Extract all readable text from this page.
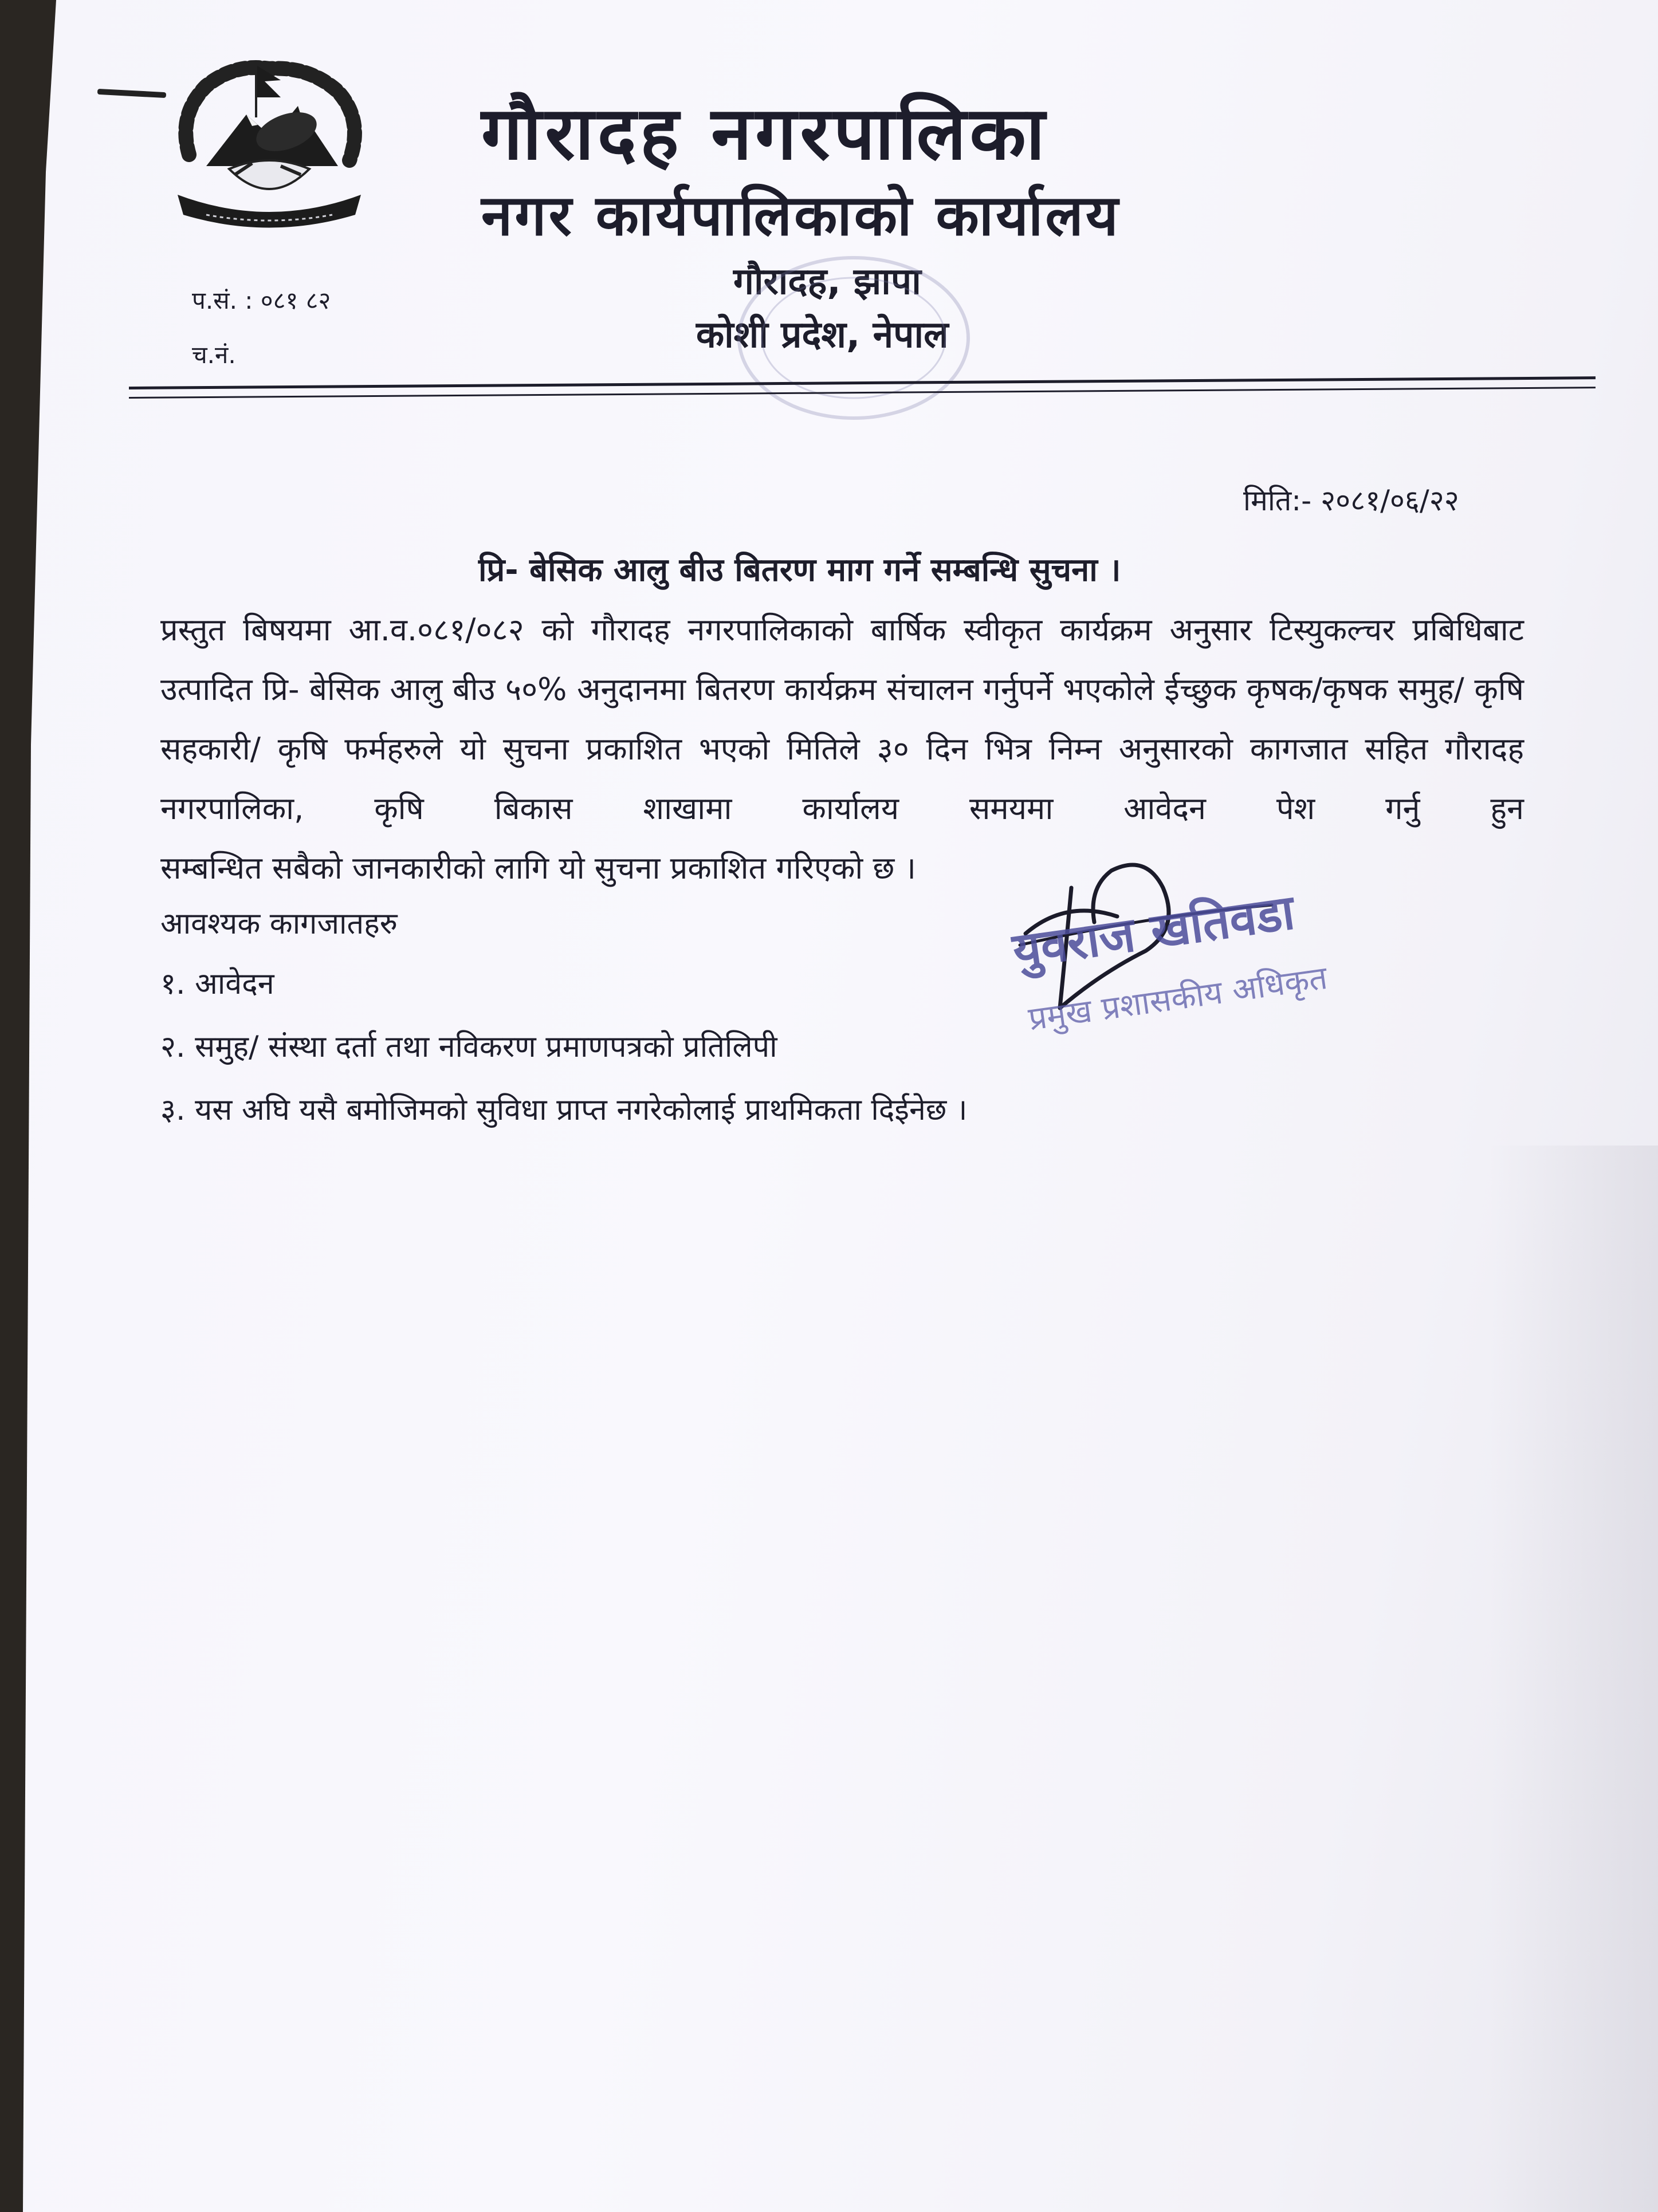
गौरादह नगरपालिका
नगर कार्यपालिकाको कार्यालय
गौरादह, झापा
कोशी प्रदेश, नेपाल
प.सं. : ०८१ ८२
च.नं.
मिति:- २०८१/०६/२२
प्रि- बेसिक आलु बीउ बितरण माग गर्ने सम्बन्धि सुचना ।
प्रस्तुत बिषयमा आ.व.०८१/०८२ को गौरादह नगरपालिकाको बार्षिक स्वीकृत कार्यक्रम अनुसार टिस्युकल्चर प्रबिधिबाट उत्पादित प्रि- बेसिक आलु बीउ ५०% अनुदानमा बितरण कार्यक्रम संचालन गर्नुपर्ने भएकोले ईच्छुक कृषक/कृषक समुह/ कृषि सहकारी/ कृषि फर्महरुले यो सुचना प्रकाशित भएको मितिले ३० दिन भित्र निम्न अनुसारको कागजात सहित गौरादह नगरपालिका, कृषि बिकास शाखामा कार्यालय समयमा आवेदन पेश गर्नु हुन
सम्बन्धित सबैको जानकारीको लागि यो सुचना प्रकाशित गरिएको छ ।
आवश्यक कागजातहरु
१. आवेदन
२. समुह/ संस्था दर्ता तथा नविकरण प्रमाणपत्रको प्रतिलिपी
३. यस अघि यसै बमोजिमको सुविधा प्राप्त नगरेकोलाई प्राथमिकता दिईनेछ ।
युवराज खतिवडा
प्रमुख प्रशासकीय अधिकृत
